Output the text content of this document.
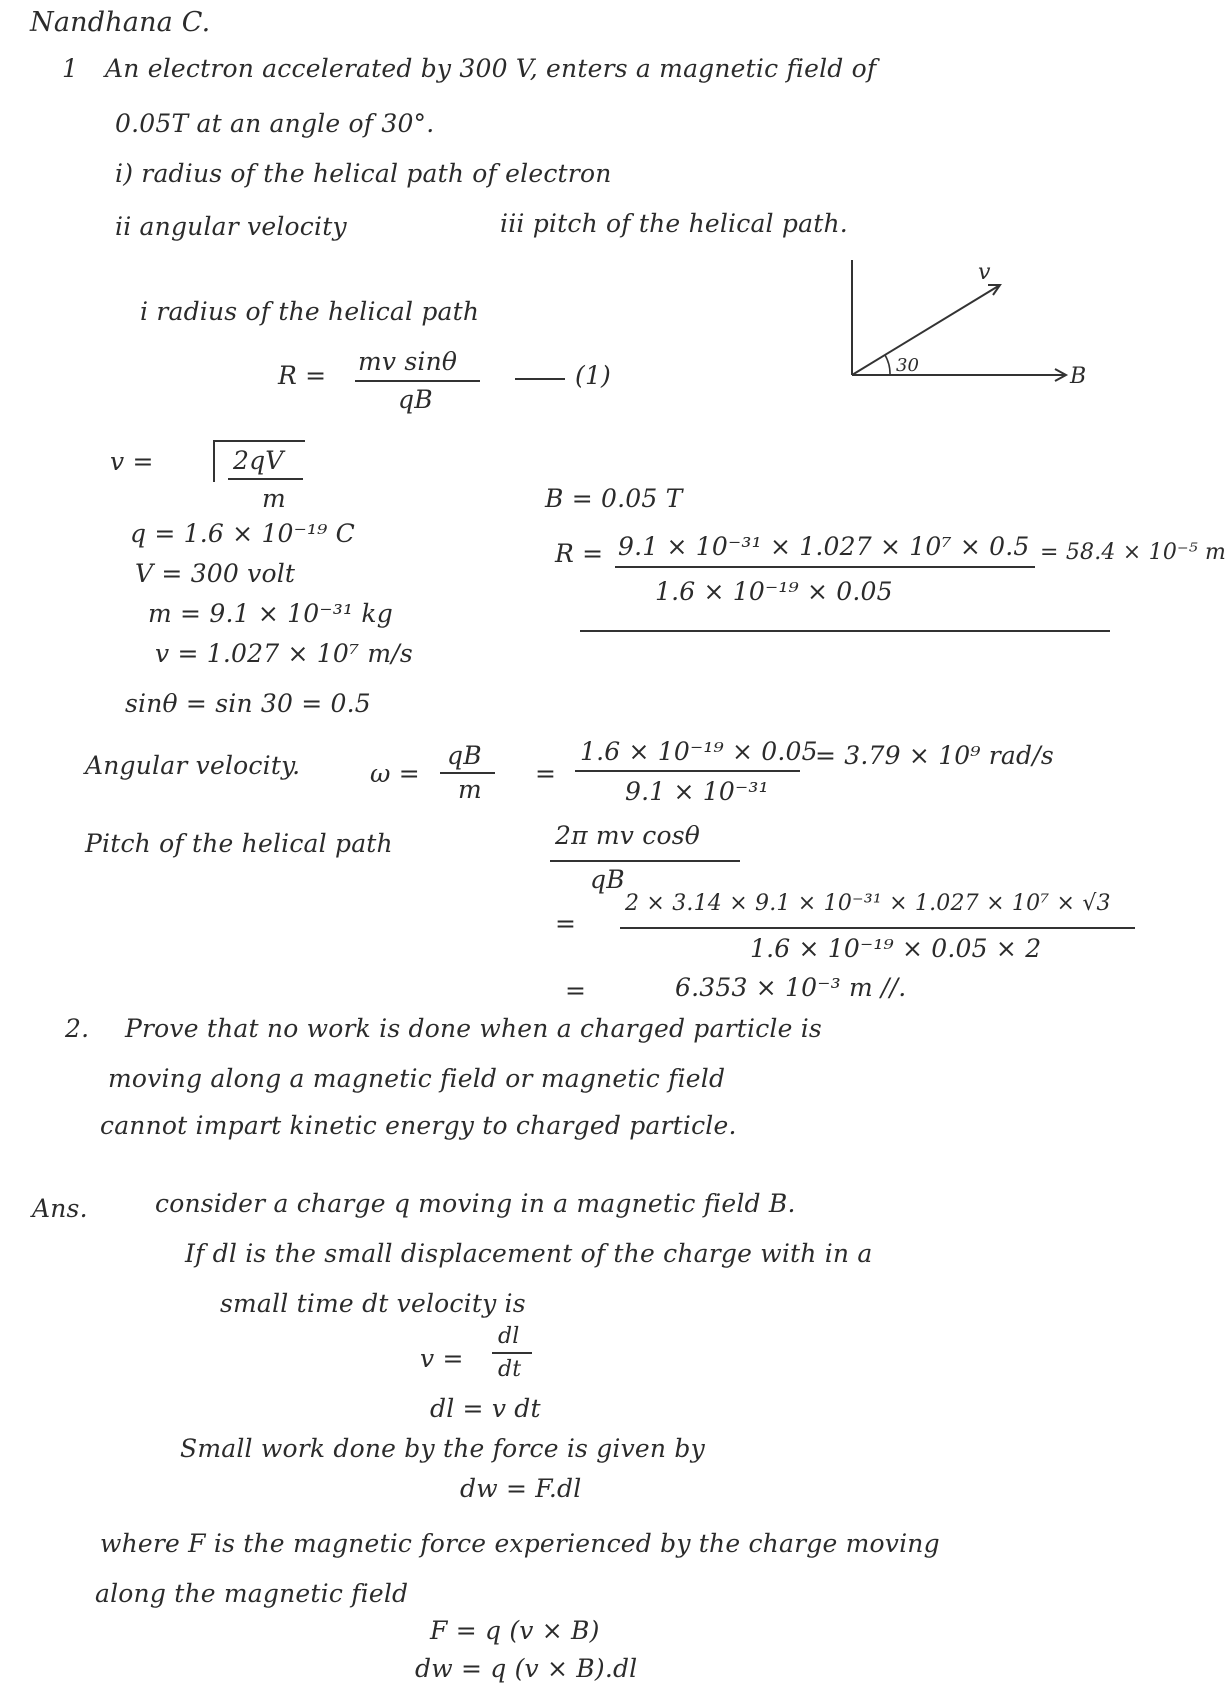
Nandhana C.
1 An electron accelerated by 300 V, enters a magnetic field of
0.05T at an angle of 30°.
i) radius of the helical path of electron
ii angular velocity	iii pitch of the helical path.
v
30	B
i radius of the helical path
R = mv sinθ
qB
(1)
v =	2qV
m
q = 1.6 × 10⁻¹⁹ C
V = 300 volt
m = 9.1 × 10⁻³¹ kg
v = 1.027 × 10⁷ m/s
sinθ = sin 30 = 0.5
B = 0.05 T
R = 9.1 × 10⁻³¹ × 1.027 × 10⁷ × 0.5
1.6 × 10⁻¹⁹ × 0.05
= 58.4 × 10⁻⁵ m
Angular velocity.	ω =
qB
m
=
1.6 × 10⁻¹⁹ × 0.05
9.1 × 10⁻³¹
= 3.79 × 10⁹ rad/s
Pitch of the helical path	2π mv cosθ
qB
=
2 × 3.14 × 9.1 × 10⁻³¹ × 1.027 × 10⁷ × √3
1.6 × 10⁻¹⁹ × 0.05 × 2
=	6.353 × 10⁻³ m //.
2. Prove that no work is done when a charged particle is
moving along a magnetic field or magnetic field
cannot impart kinetic energy to charged particle.
Ans.	consider a charge q moving in a magnetic field B.
If dl is the small displacement of the charge with in a
small time dt velocity is
v =
dl
dt
dl = v dt
Small work done by the force is given by
dw = F.dl
where F is the magnetic force experienced by the charge moving
along the magnetic field
F = q (v × B)
dw = q (v × B).dl
